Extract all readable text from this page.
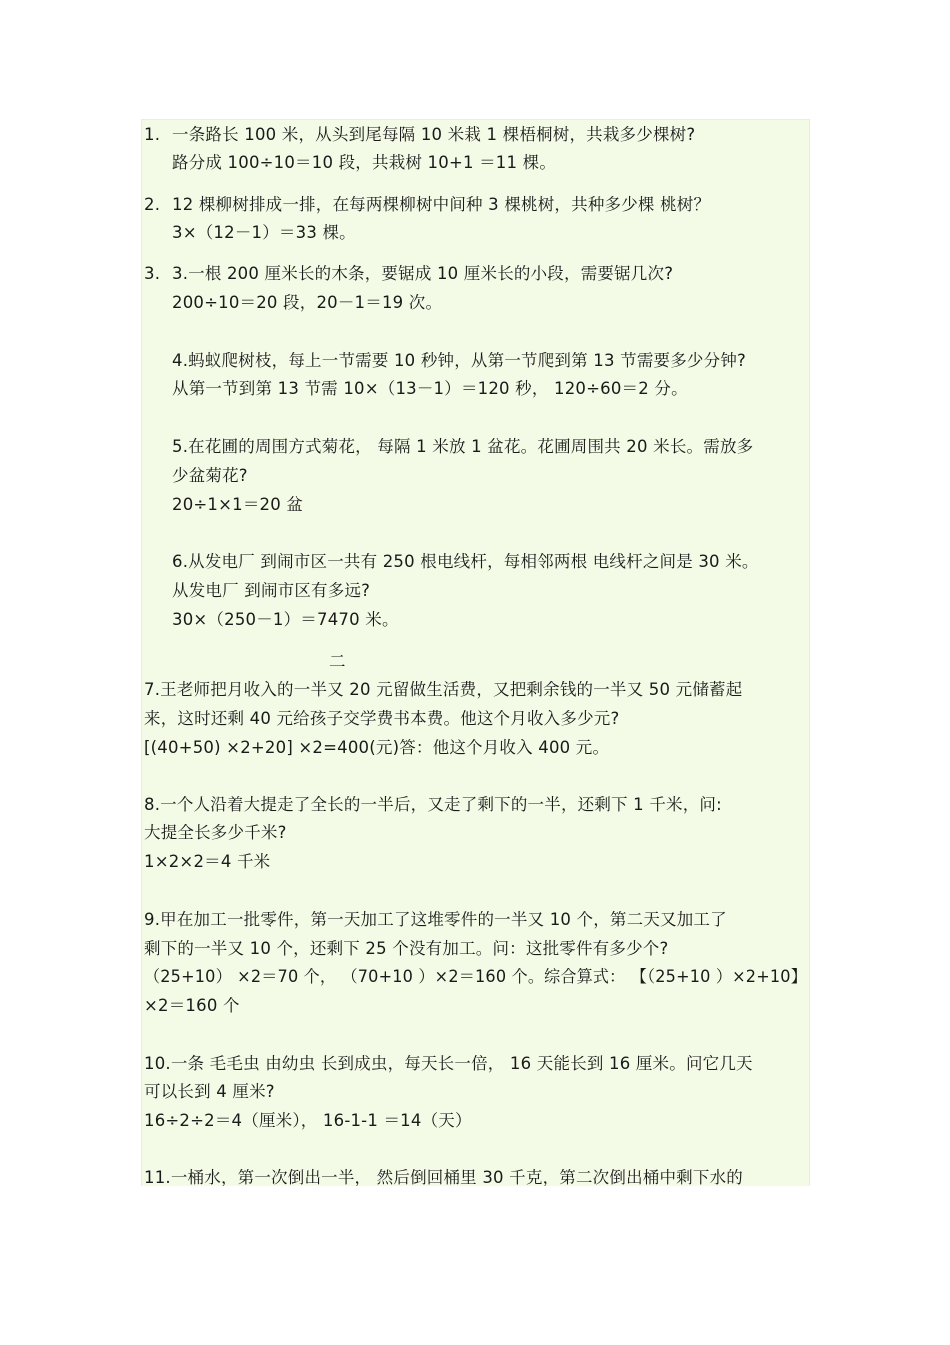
1. 一条路长 100 米，从头到尾每隔 10 米栽 1 棵梧桐树，共栽多少棵树?
路分成 100÷10＝10 段，共栽树 10+1 ＝11 棵。
2. 12 棵柳树排成一排，在每两棵柳树中间种 3 棵桃树，共种多少棵 桃树？
3×（12－1）＝33 棵。
3. 3.一根 200 厘米长的木条，要锯成 10 厘米长的小段，需要锯几次?
200÷10＝20 段，20－1＝19 次。
4.蚂蚁爬树枝，每上一节需要 10 秒钟，从第一节爬到第 13 节需要多少分钟?
从第一节到第 13 节需 10×（13－1）＝120 秒， 120÷60＝2 分。
5.在花圃的周围方式菊花， 每隔 1 米放 1 盆花。花圃周围共 20 米长。需放多
少盆菊花?
20÷1×1＝20 盆
6.从发电厂 到闹市区一共有 250 根电线杆，每相邻两根 电线杆之间是 30 米。
从发电厂 到闹市区有多远?
30×（250－1）＝7470 米。
二
7.王老师把月收入的一半又 20 元留做生活费，又把剩余钱的一半又 50 元储蓄起
来，这时还剩 40 元给孩子交学费书本费。他这个月收入多少元?
[(40+50) ×2+20] ×2=400(元)答：他这个月收入 400 元。
8.一个人沿着大提走了全长的一半后，又走了剩下的一半，还剩下 1 千米，问:
大提全长多少千米?
1×2×2＝4 千米
9.甲在加工一批零件，第一天加工了这堆零件的一半又 10 个，第二天又加工了
剩下的一半又 10 个，还剩下 25 个没有加工。问：这批零件有多少个?
（25+10） ×2＝70 个， （70+10 ）×2＝160 个。综合算式： 【（25+10 ）×2+10】
×2＝160 个
10.一条 毛毛虫 由幼虫 长到成虫，每天长一倍， 16 天能长到 16 厘米。问它几天
可以长到 4 厘米?
16÷2÷2＝4（厘米）， 16-1-1 ＝14（天）
11.一桶水，第一次倒出一半， 然后倒回桶里 30 千克，第二次倒出桶中剩下水的
